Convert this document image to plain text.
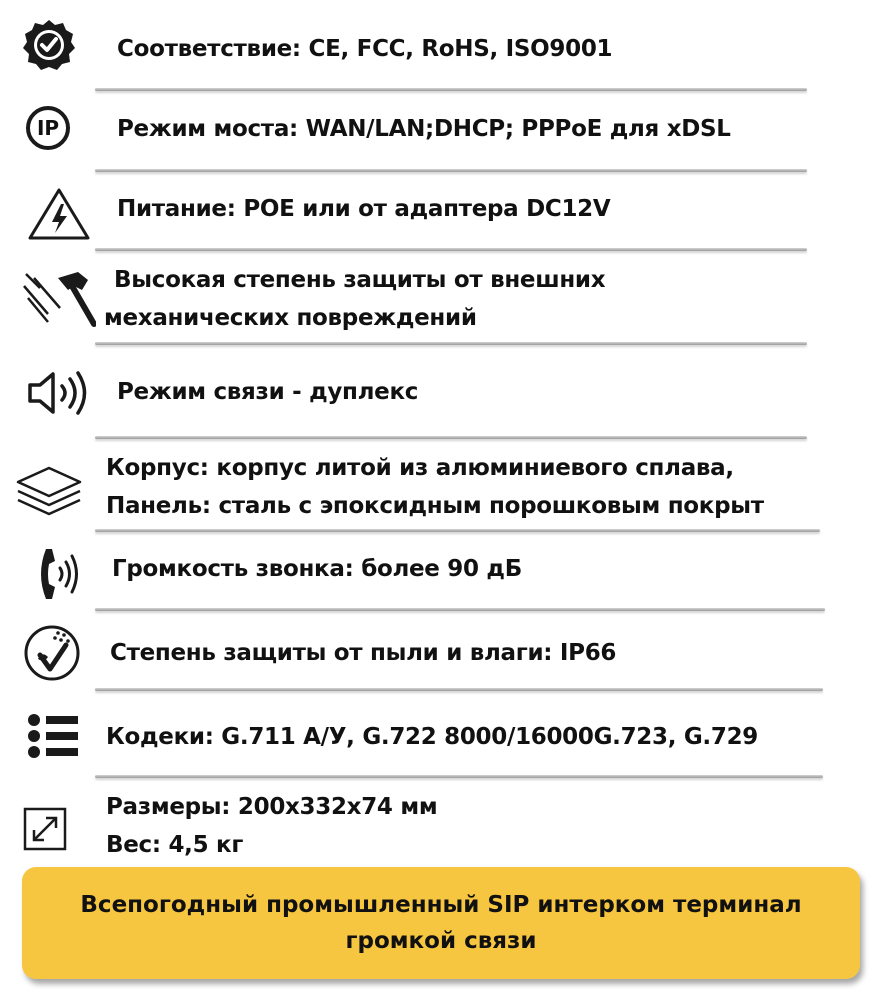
Соответствие: CE, FCC, RoHS, ISO9001
IP	Режим моста: WAN/LAN;DHCP; PPPoE для xDSL
Питание: POE или от адаптера DC12V
Высокая степень защиты от внешних
механических повреждений
Режим связи - дуплекс
Корпус: корпус литой из алюминиевого сплава,
Панель: сталь с эпоксидным порошковым покрыт
Громкость звонка: более 90 дБ
Степень защиты от пыли и влаги: IP66
Кодеки: G.711 А/У, G.722 8000/16000G.723, G.729
Размеры: 200x332x74 мм
Вес: 4,5 кг
Всепогодный промышленный SIP интерком терминал
громкой связи
